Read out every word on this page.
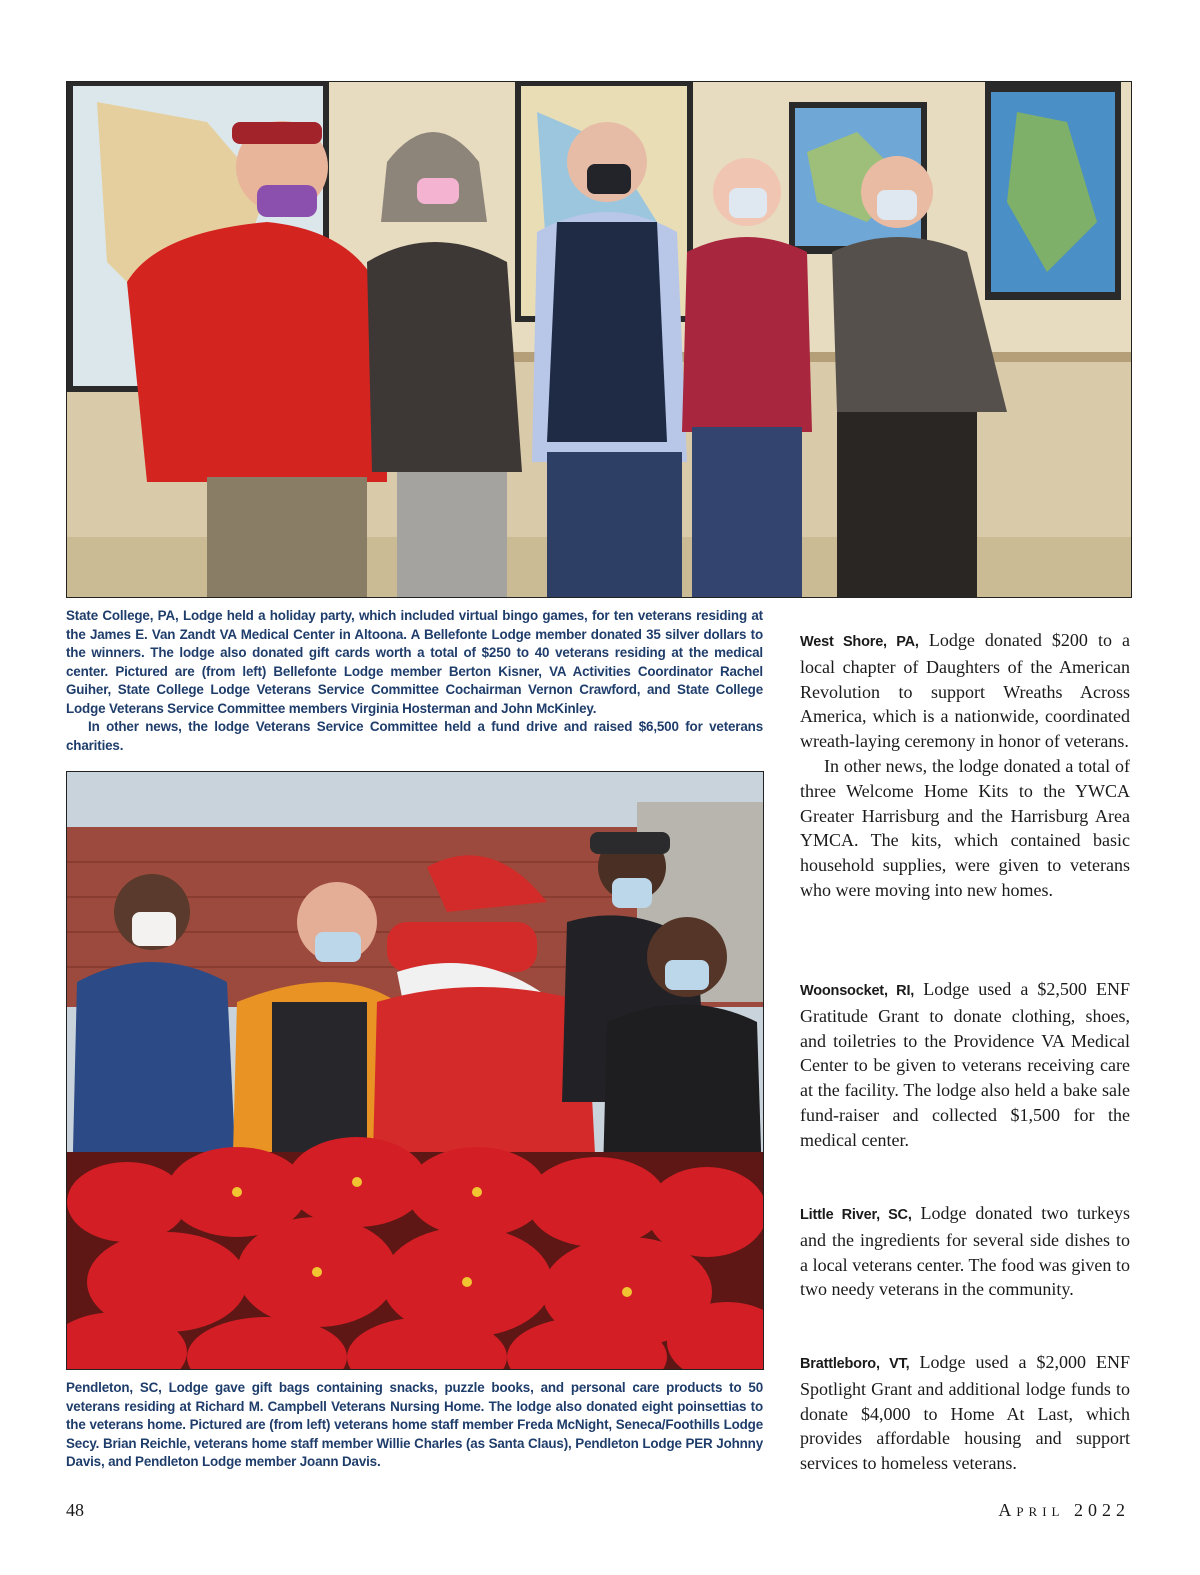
State College, PA, Lodge held a holiday party, which included virtual bingo games, for ten veterans residing at the James E. Van Zandt VA Medical Center in Altoona. A Bellefonte Lodge member donated 35 silver dollars to the winners. The lodge also donated gift cards worth a total of $250 to 40 veterans residing at the medical center. Pictured are (from left) Bellefonte Lodge member Berton Kisner, VA Activities Coordinator Rachel Guiher, State College Lodge Veterans Service Committee Cochairman Vernon Crawford, and State College Lodge Veterans Service Committee members Virginia Hosterman and John McKinley.

In other news, the lodge Veterans Service Committee held a fund drive and raised $6,500 for veterans charities.

Pendleton, SC, Lodge gave gift bags containing snacks, puzzle books, and personal care products to 50 veterans residing at Richard M. Campbell Veterans Nursing Home. The lodge also donated eight poinsettias to the veterans home. Pictured are (from left) veterans home staff member Freda McNight, Seneca/Foothills Lodge Secy. Brian Reichle, veterans home staff member Willie Charles (as Santa Claus), Pendleton Lodge PER Johnny Davis, and Pendleton Lodge member Joann Davis.

West Shore, PA, Lodge donated $200 to a local chapter of Daughters of the American Revolution to support Wreaths Across America, which is a nationwide, coordinated wreath-laying ceremony in honor of veterans.

In other news, the lodge donated a total of three Welcome Home Kits to the YWCA Greater Harrisburg and the Harrisburg Area YMCA. The kits, which contained basic household supplies, were given to veterans who were moving into new homes.

Woonsocket, RI, Lodge used a $2,500 ENF Gratitude Grant to donate clothing, shoes, and toiletries to the Providence VA Medical Center to be given to veterans receiving care at the facility. The lodge also held a bake sale fund-raiser and collected $1,500 for the medical center.

Little River, SC, Lodge donated two turkeys and the ingredients for several side dishes to a local veterans center. The food was given to two needy veterans in the community.

Brattleboro, VT, Lodge used a $2,000 ENF Spotlight Grant and additional lodge funds to donate $4,000 to Home At Last, which provides affordable housing and support services to homeless veterans.

48	April 2022
